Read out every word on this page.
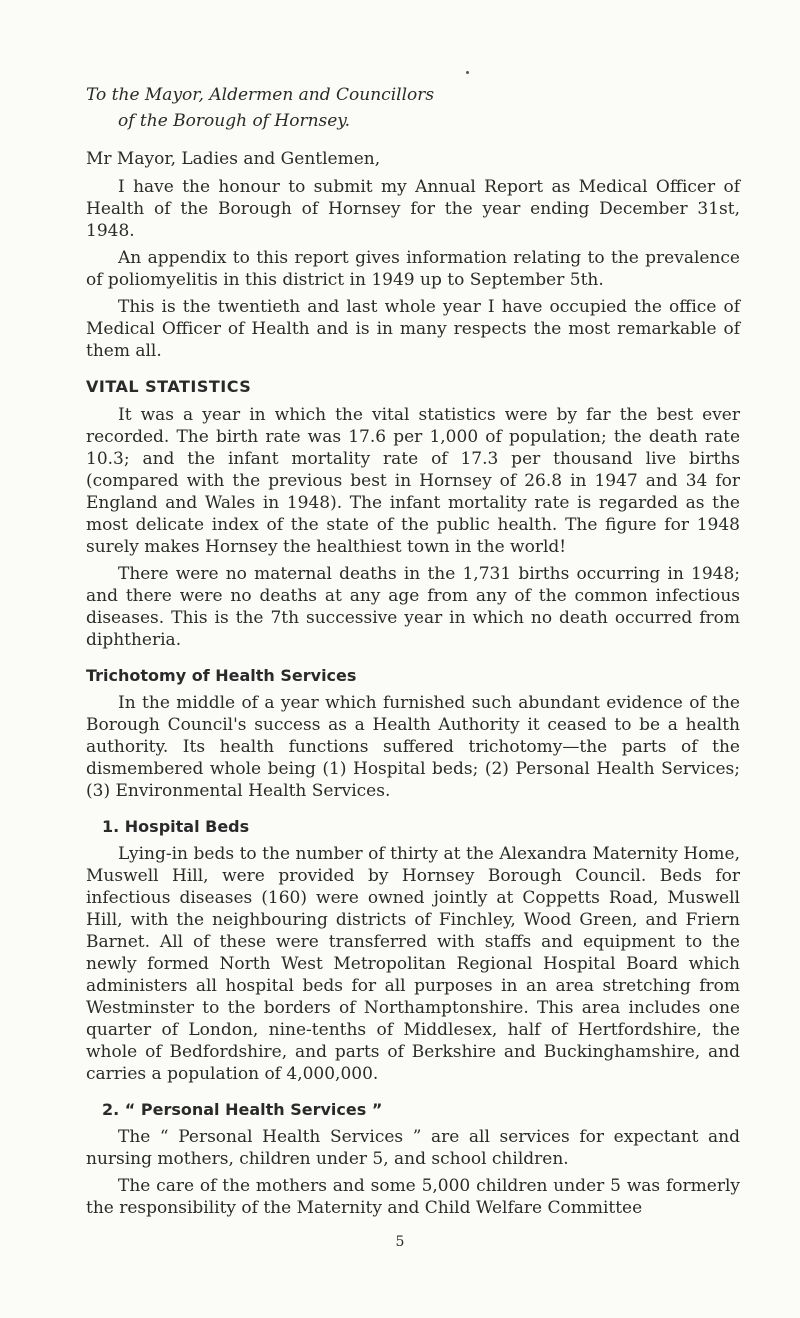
To the Mayor, Aldermen and Councillors

of the Borough of Hornsey.

Mr Mayor, Ladies and Gentlemen,

I have the honour to submit my Annual Report as Medical Officer of Health of the Borough of Hornsey for the year ending December 31st, 1948.

An appendix to this report gives information relating to the prevalence of poliomyelitis in this district in 1949 up to September 5th.

This is the twentieth and last whole year I have occupied the office of Medical Officer of Health and is in many respects the most remarkable of them all.

VITAL STATISTICS

It was a year in which the vital statistics were by far the best ever recorded. The birth rate was 17.6 per 1,000 of population; the death rate 10.3; and the infant mortality rate of 17.3 per thousand live births (compared with the previous best in Hornsey of 26.8 in 1947 and 34 for England and Wales in 1948). The infant mortality rate is regarded as the most delicate index of the state of the public health. The figure for 1948 surely makes Hornsey the healthiest town in the world!

There were no maternal deaths in the 1,731 births occurring in 1948; and there were no deaths at any age from any of the common infectious diseases. This is the 7th successive year in which no death occurred from diphtheria.

Trichotomy of Health Services

In the middle of a year which furnished such abundant evidence of the Borough Council's success as a Health Authority it ceased to be a health authority. Its health functions suffered trichotomy—the parts of the dismembered whole being (1) Hospital beds; (2) Personal Health Services; (3) Environmental Health Services.

1. Hospital Beds

Lying-in beds to the number of thirty at the Alexandra Maternity Home, Muswell Hill, were provided by Hornsey Borough Council. Beds for infectious diseases (160) were owned jointly at Coppetts Road, Muswell Hill, with the neighbouring districts of Finchley, Wood Green, and Friern Barnet. All of these were transferred with staffs and equipment to the newly formed North West Metropolitan Regional Hospital Board which administers all hospital beds for all purposes in an area stretching from Westminster to the borders of Northamptonshire. This area includes one quarter of London, nine-tenths of Middlesex, half of Hertfordshire, the whole of Bedfordshire, and parts of Berkshire and Buckinghamshire, and carries a population of 4,000,000.

2. “ Personal Health Services ”

The “ Personal Health Services ” are all services for expectant and nursing mothers, children under 5, and school children.

The care of the mothers and some 5,000 children under 5 was formerly the responsibility of the Maternity and Child Welfare Committee

5
